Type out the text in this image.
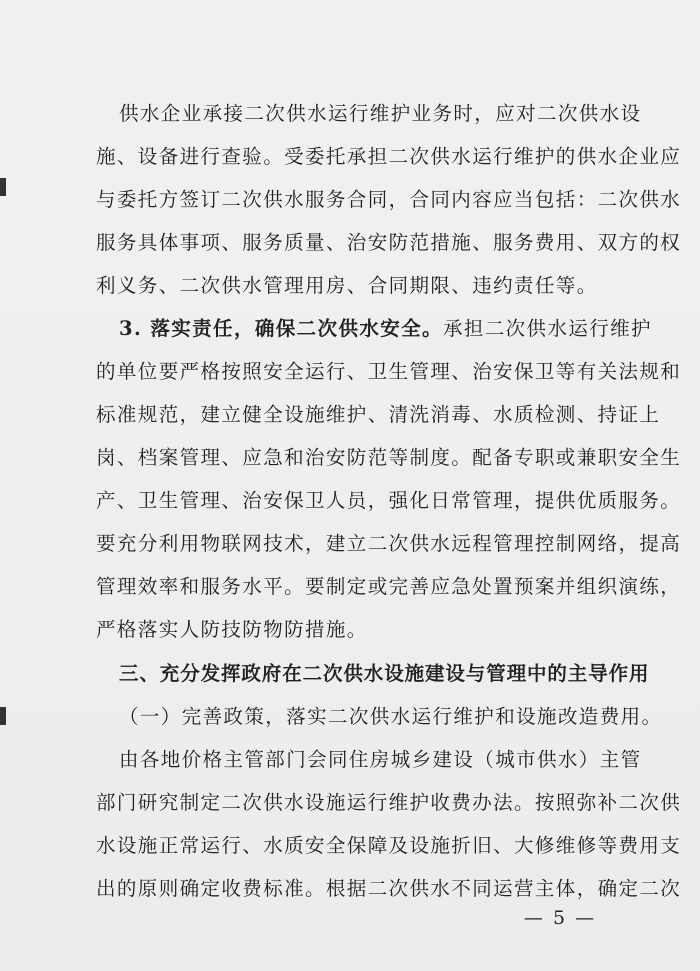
供水企业承接二次供水运行维护业务时，应对二次供水设
施、设备进行查验。受委托承担二次供水运行维护的供水企业应
与委托方签订二次供水服务合同，合同内容应当包括：二次供水
服务具体事项、服务质量、治安防范措施、服务费用、双方的权
利义务、二次供水管理用房、合同期限、违约责任等。
3. 落实责任，确保二次供水安全。承担二次供水运行维护
的单位要严格按照安全运行、卫生管理、治安保卫等有关法规和
标准规范，建立健全设施维护、清洗消毒、水质检测、持证上
岗、档案管理、应急和治安防范等制度。配备专职或兼职安全生
产、卫生管理、治安保卫人员，强化日常管理，提供优质服务。
要充分利用物联网技术，建立二次供水远程管理控制网络，提高
管理效率和服务水平。要制定或完善应急处置预案并组织演练，
严格落实人防技防物防措施。
三、充分发挥政府在二次供水设施建设与管理中的主导作用
（一）完善政策，落实二次供水运行维护和设施改造费用。
由各地价格主管部门会同住房城乡建设（城市供水）主管
部门研究制定二次供水设施运行维护收费办法。按照弥补二次供
水设施正常运行、水质安全保障及设施折旧、大修维修等费用支
出的原则确定收费标准。根据二次供水不同运营主体，确定二次
— 5 —
